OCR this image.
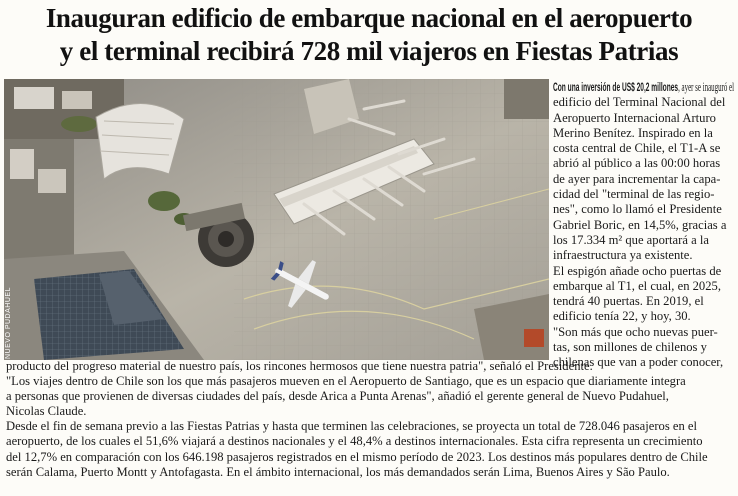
Inauguran edificio de embarque nacional en el aeropuerto
y el terminal recibirá 728 mil viajeros en Fiestas Patrias
NUEVO PUDAHUEL

Con una inversión de US$ 20,2 millones, ayer se inauguró el

edificio del Terminal Nacional del

Aeropuerto Internacional Arturo

Merino Benítez. Inspirado en la

costa central de Chile, el T1-A se

abrió al público a las 00:00 horas

de ayer para incrementar la capa-

cidad del "terminal de las regio-

nes", como lo llamó el Presidente

Gabriel Boric, en 14,5%, gracias a

los 17.334 m² que aportará a la

infraestructura ya existente.

El espigón añade ocho puertas de

embarque al T1, el cual, en 2025,

tendrá 40 puertas. En 2019, el

edificio tenía 22, y hoy, 30.

"Son más que ocho nuevas puer-

tas, son millones de chilenos y

chilenas que van a poder conocer,

producto del progreso material de nuestro país, los rincones hermosos que tiene nuestra patria", señaló el Presidente.

"Los viajes dentro de Chile son los que más pasajeros mueven en el Aeropuerto de Santiago, que es un espacio que diariamente integra

a personas que provienen de diversas ciudades del país, desde Arica a Punta Arenas", añadió el gerente general de Nuevo Pudahuel,

Nicolas Claude.

Desde el fin de semana previo a las Fiestas Patrias y hasta que terminen las celebraciones, se proyecta un total de 728.046 pasajeros en el

aeropuerto, de los cuales el 51,6% viajará a destinos nacionales y el 48,4% a destinos internacionales. Esta cifra representa un crecimiento

del 12,7% en comparación con los 646.198 pasajeros registrados en el mismo período de 2023. Los destinos más populares dentro de Chile

serán Calama, Puerto Montt y Antofagasta. En el ámbito internacional, los más demandados serán Lima, Buenos Aires y São Paulo.
